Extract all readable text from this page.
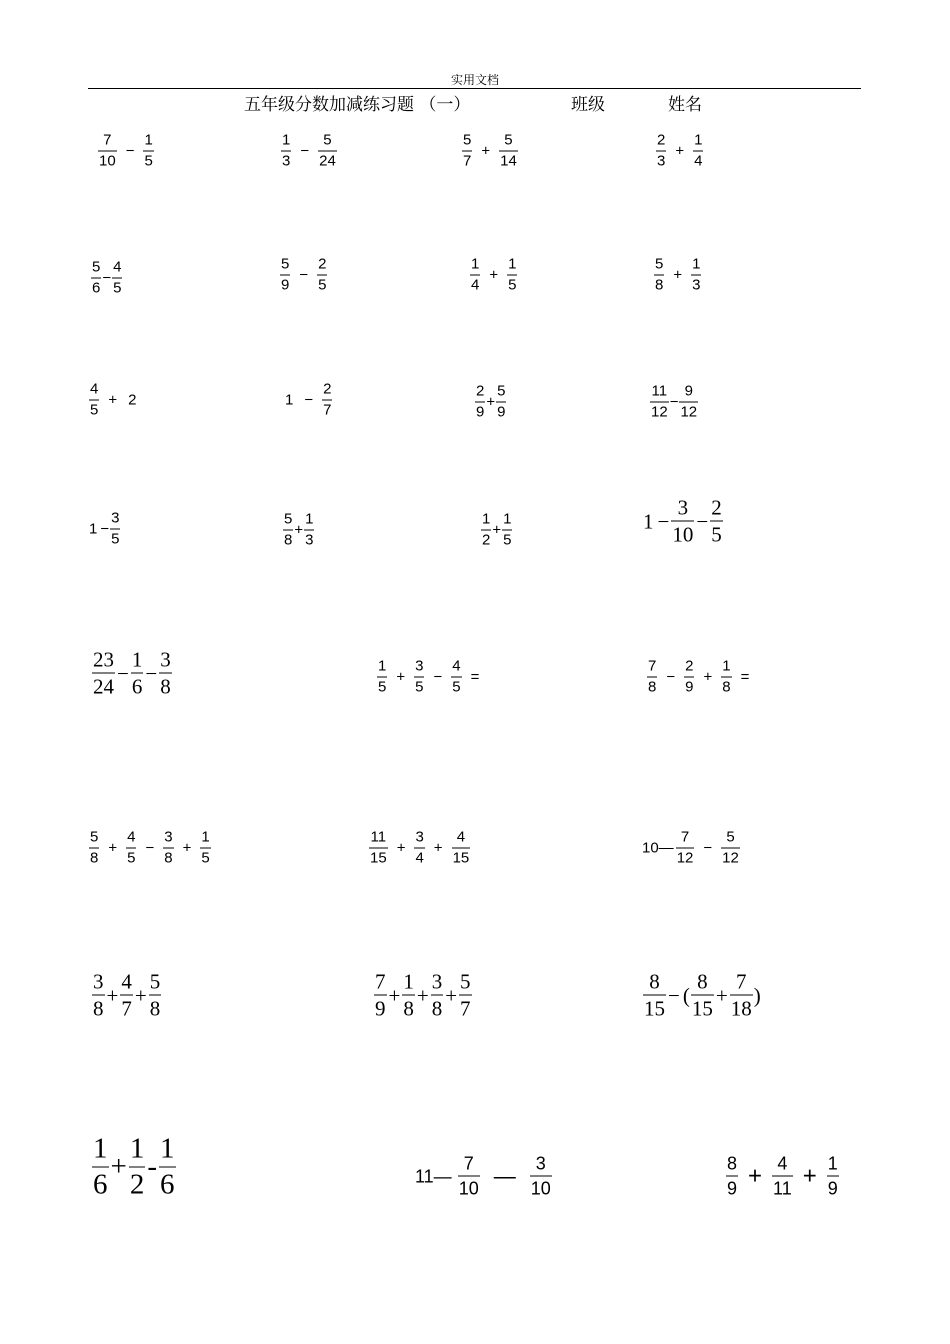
实用文档
五年级分数加减练习题 （一）	班级	姓名
$\frac{7}{10} - \frac{1}{5}$	$\frac{1}{3} - \frac{5}{24}$	$\frac{5}{7} + \frac{5}{14}$	$\frac{2}{3} + \frac{1}{4}$
$\frac{5}{6} - \frac{4}{5}$	$\frac{5}{9} - \frac{2}{5}$	$\frac{1}{4} + \frac{1}{5}$	$\frac{5}{8} + \frac{1}{3}$
$\frac{4}{5} + 2$	$1 - \frac{2}{7}$	$\frac{2}{9} + \frac{5}{9}$	$\frac{11}{12} - \frac{9}{12}$
$1 - \frac{3}{5}$	$\frac{5}{8} + \frac{1}{3}$	$\frac{1}{2} + \frac{1}{5}$	$1 - \frac{3}{10} - \frac{2}{5}$
$\frac{23}{24} - \frac{1}{6} - \frac{3}{8}$	$\frac{1}{5} + \frac{3}{5} - \frac{4}{5}$ =	$\frac{7}{8} - \frac{2}{9} + \frac{1}{8}$ =
$\frac{5}{8} + \frac{4}{5} - \frac{3}{8} + \frac{1}{5}$	$\frac{11}{15} + \frac{3}{4} + \frac{4}{15}$	10— $\frac{7}{12} - \frac{5}{12}$
$\frac{3}{8} + \frac{4}{7} + \frac{5}{8}$	$\frac{7}{9} + \frac{1}{8} + \frac{3}{8} + \frac{5}{7}$	$\frac{8}{15}$ − ( $\frac{8}{15} + \frac{7}{18}$ )
$\frac{1}{6} + \frac{1}{2} - \frac{1}{6}$	11— $\frac{7}{10}$ — $\frac{3}{10}$	$\frac{8}{9} + \frac{4}{11} + \frac{1}{9}$
